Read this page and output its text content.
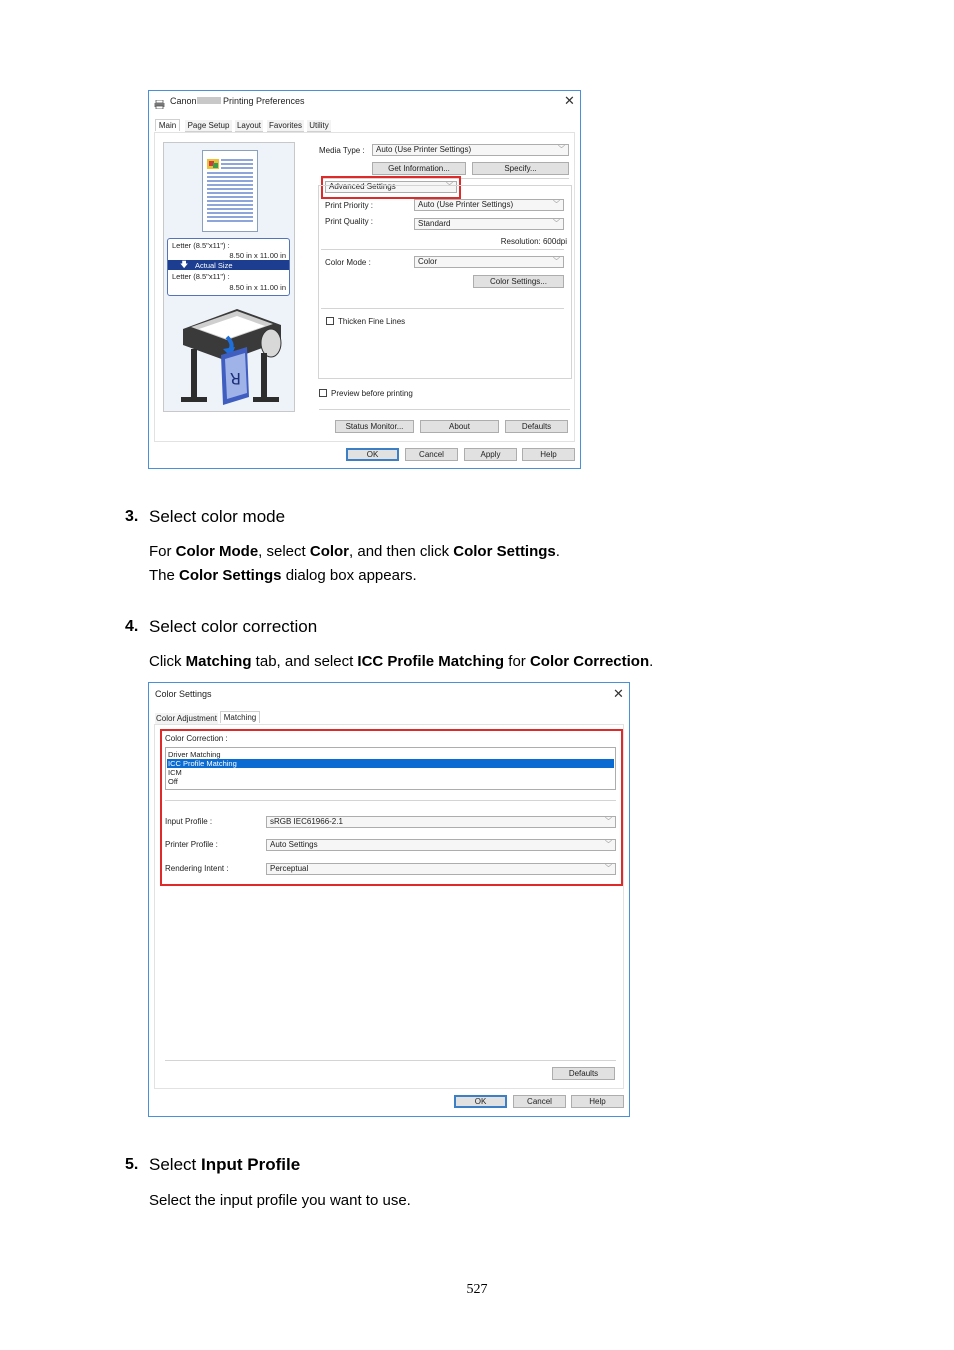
Canon	Printing Preferences	✕
Main	Page Setup Layout Favorites Utility
Letter (8.5"x11") :
8.50 in x 11.00 in
🡇 Actual Size
Letter (8.5"x11") :
8.50 in x 11.00 in
R
Media Type :	Auto (Use Printer Settings)	﹀
Get Information...	Specify...
Advanced Settings	﹀
Print Priority :	Auto (Use Printer Settings)	﹀
Print Quality :	Standard	﹀
Resolution: 600dpi
Color Mode :	Color	﹀
Color Settings...
Thicken Fine Lines
Preview before printing
Status Monitor...	About	Defaults
OK	Cancel	Apply	Help
3. Select color mode
For Color Mode, select Color, and then click Color Settings.
The Color Settings dialog box appears.
4. Select color correction
Click Matching tab, and select ICC Profile Matching for Color Correction.
Color Settings	✕
Color Adjustment Matching
Color Correction :
Driver Matching
ICC Profile Matching
ICM
Off
Input Profile :	sRGB IEC61966-2.1	﹀
Printer Profile :	Auto Settings	﹀
Rendering Intent :	Perceptual	﹀
Defaults
OK	Cancel	Help
5. Select Input Profile
Select the input profile you want to use.
527
